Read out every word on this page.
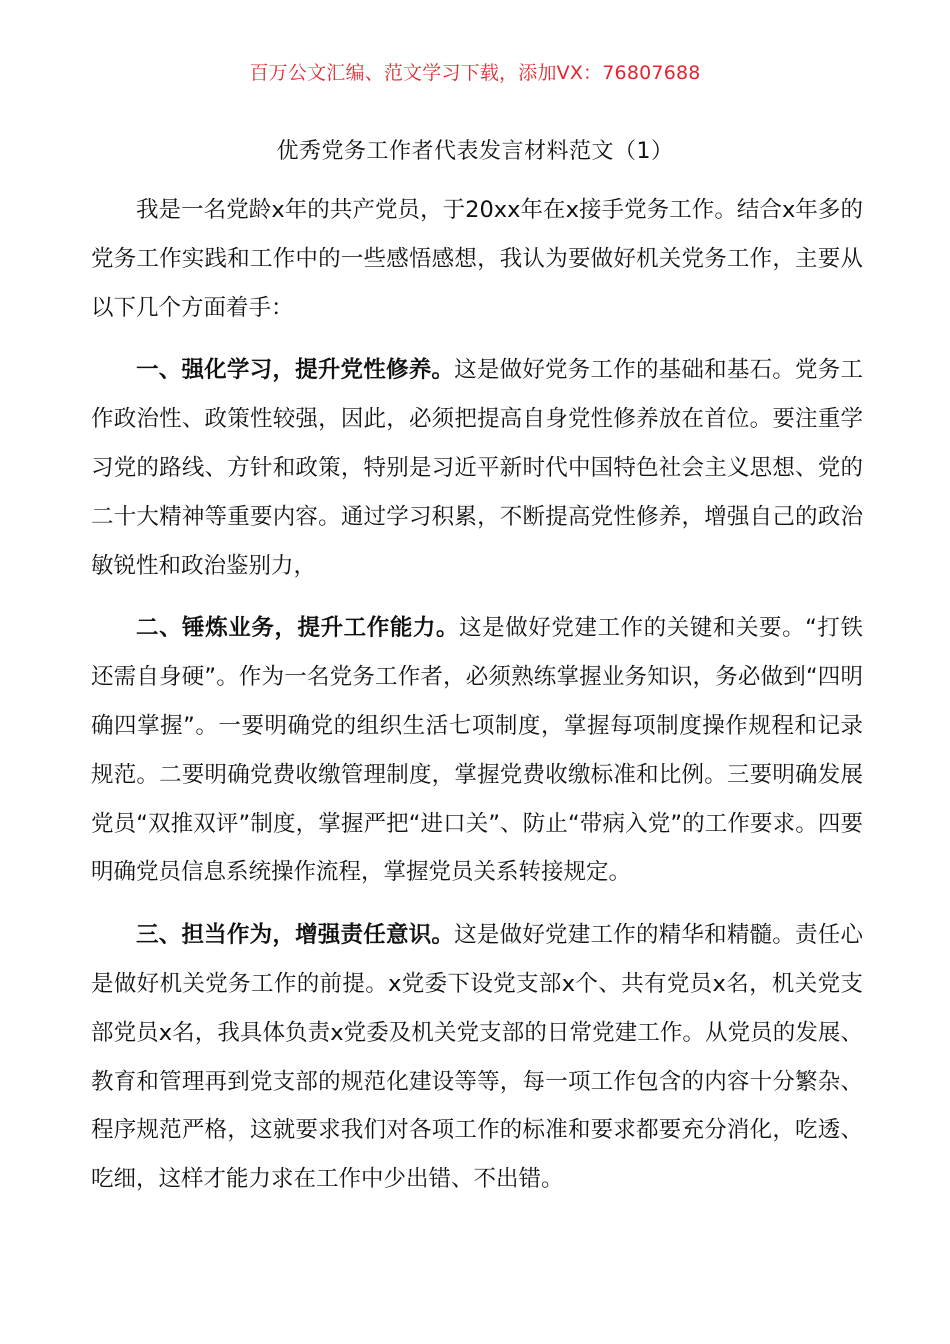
百万公文汇编、范文学习下载，添加VX：76807688
优秀党务工作者代表发言材料范文（1）

我是一名党龄x年的共产党员，于20xx年在x接手党务工作。结合x年多的党务工作实践和工作中的一些感悟感想，我认为要做好机关党务工作，主要从以下几个方面着手：

一、强化学习，提升党性修养。这是做好党务工作的基础和基石。党务工作政治性、政策性较强，因此，必须把提高自身党性修养放在首位。要注重学习党的路线、方针和政策，特别是习近平新时代中国特色社会主义思想、党的二十大精神等重要内容。通过学习积累，不断提高党性修养，增强自己的政治敏锐性和政治鉴别力，

二、锤炼业务，提升工作能力。这是做好党建工作的关键和关要。“打铁还需自身硬”。作为一名党务工作者，必须熟练掌握业务知识，务必做到“四明确四掌握”。一要明确党的组织生活七项制度，掌握每项制度操作规程和记录规范。二要明确党费收缴管理制度，掌握党费收缴标准和比例。三要明确发展党员“双推双评”制度，掌握严把“进口关”、防止“带病入党”的工作要求。四要明确党员信息系统操作流程，掌握党员关系转接规定。

三、担当作为，增强责任意识。这是做好党建工作的精华和精髓。责任心是做好机关党务工作的前提。x党委下设党支部x个、共有党员x名，机关党支部党员x名，我具体负责x党委及机关党支部的日常党建工作。从党员的发展、教育和管理再到党支部的规范化建设等等，每一项工作包含的内容十分繁杂、程序规范严格，这就要求我们对各项工作的标准和要求都要充分消化，吃透、吃细，这样才能力求在工作中少出错、不出错。
